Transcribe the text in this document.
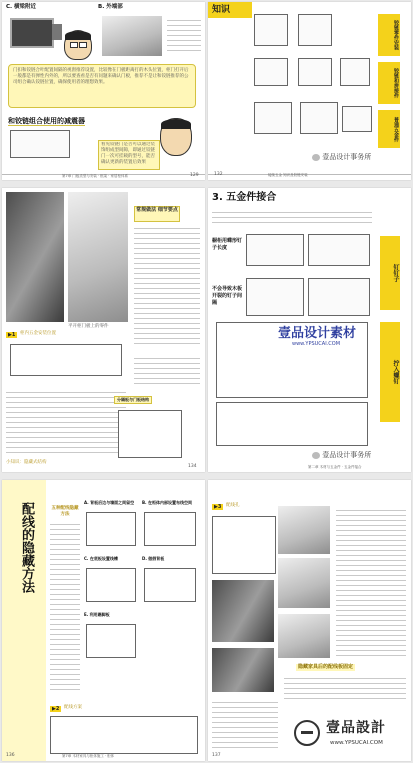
C. 横梁附近	B. 外端部
门扣和铰链合叶配置间隔的视窗推荐设置，比较像在门板距离打的木头位置，柜门打开后一般都是有弹性内外的，所以要查看是否有问题来确认门板，推荐不是让和铰链推荐的公司组合确认铰链位置，确保使用者的理想效果。
和铰链组合使用的减震器
看见铰链门是否可以通过装饰组成型间隙，即通过铰链门一次可挂载的型号，能否确认更新的装置后效果
第7章 门板类型与安装 · 框架 · 家居柜体系	129
知识
铰链零件安装
铰链和拼接件
普通五金件
壹品设计事务所
132	接续五金 知识及铰链安装
平开柜门板上的零件
常规做法 细节要点
▶1	柜内五金安装位置
分隔板与门板结构
小知识：隐藏式结构
134
3. 五金件接合
橱柜用蝶形钉子长度
不会导致木板开裂的钉子间隔
钉钉子
拧入螺钉
壹品设计素材
www.YPSUCAI.COM
壹品设计事务所
第二章 木材与五金件 · 五金件接合
配线的隐藏方法	五种配线隐藏方法
A. 背板后边与墙面之间留空	B. 在柜体内部设置布线空间
C. 在底板设置线槽	D. 做假背板
E. 利用踢脚板
▶2	配线方案
136	第7章 木材家具与柜体施工 · 柜体
▶3	配线孔
隐藏家具后的配线板固定
壹品設計
www.YPSUCAI.COM
137
